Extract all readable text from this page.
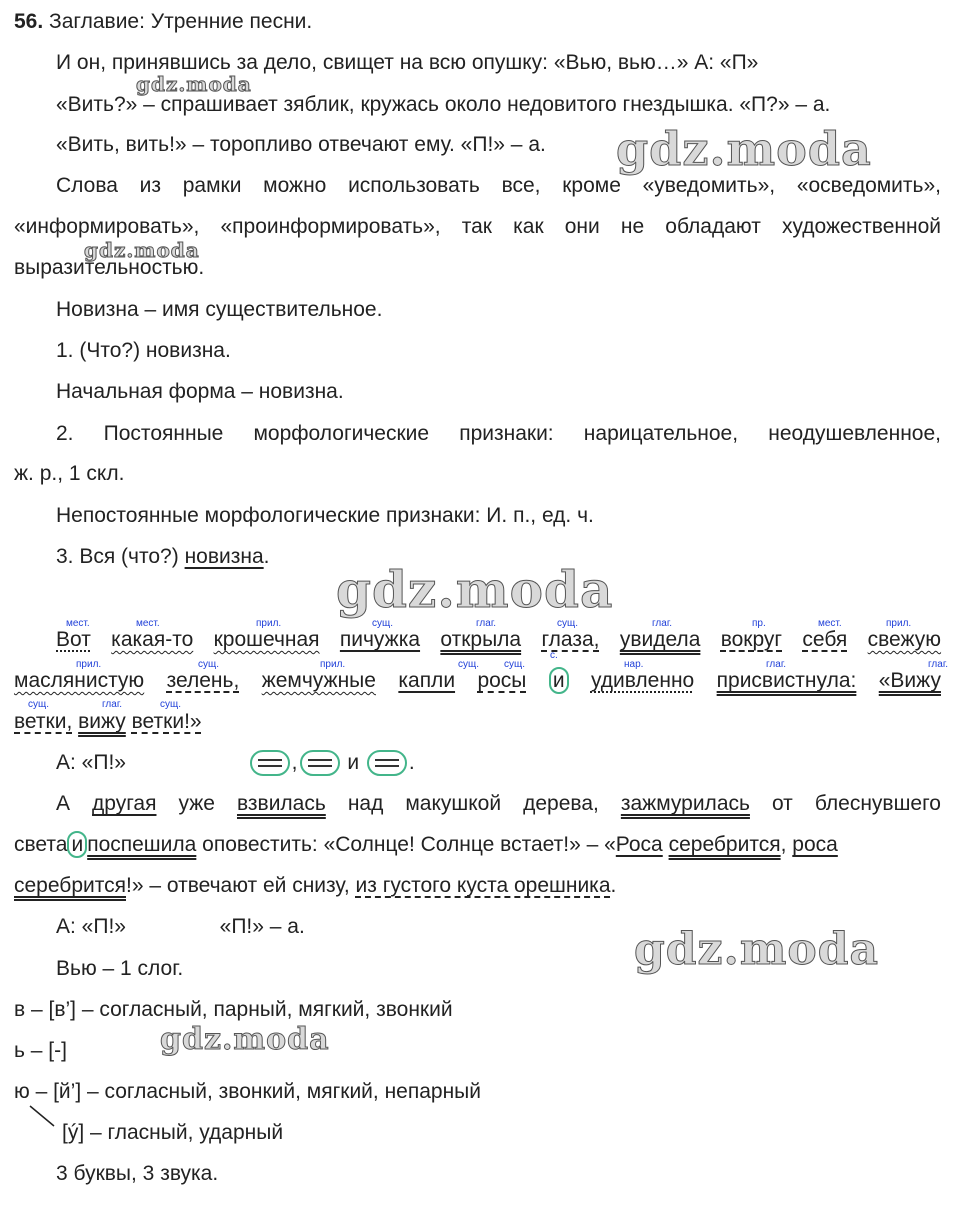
56. Заглавие: Утренние песни.
И он, принявшись за дело, свищет на всю опушку: «Вью, вью…» А: «П»
«Вить?» – спрашивает зяблик, кружась около недовитого гнездышка. «П?» – а.
«Вить, вить!» – торопливо отвечают ему. «П!» – а.
Слова из рамки можно использовать все, кроме «уведомить», «осведомить»,
«информировать», «проинформировать», так как они не обладают художественной
выразительностью.
Новизна – имя существительное.
1. (Что?) новизна.
Начальная форма – новизна.
2. Постоянные морфологические признаки: нарицательное, неодушевленное,
ж. р., 1 скл.
Непостоянные морфологические признаки: И. п., ед. ч.
3. Вся (что?) новизна.
мест.	мест.	прил.	сущ.	глаг.	сущ.	глаг.	пр.	мест.	прил.
Вот какая-то крошечная пичужка открыла глаза, увидела вокруг себя свежую
прил.	сущ.	прил.	сущ. сущ.
с.
нар.	глаг.	глаг.
маслянистую зелень, жемчужные капли росы и удивленно присвистнула: «Вижу
сущ.	глаг.	сущ.
ветки, вижу ветки!»
А: «П!»	, и .
А другая уже взвилась над макушкой дерева, зажмурилась от блеснувшего
света и поспешила оповестить: «Солнце! Солнце встает!» – «Роса серебрится, роса
серебрится!» – отвечают ей снизу, из густого куста орешника.
А: «П!»	«П!» – а.
Вью – 1 слог.
в – [в’] – согласный, парный, мягкий, звонкий
ь – [-]
ю – [й’] – согласный, звонкий, мягкий, непарный
[ý] – гласный, ударный
3 буквы, 3 звука.
gdz.moda
gdz.moda
gdz.moda
gdz.moda
gdz.moda
gdz.moda
